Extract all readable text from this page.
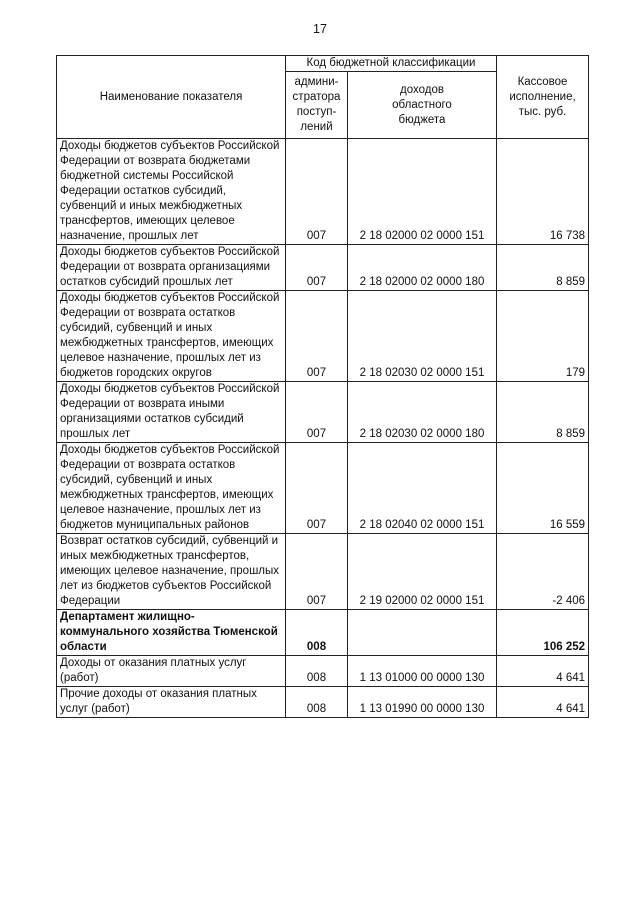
17
Наименование показателя	Код бюджетной классификации		Кассовое
исполнение,
тыс. руб.
	админи-
стратора
поступ-
лений	доходов
областного
бюджета	
Доходы бюджетов субъектов Российской Федерации от возврата бюджетами бюджетной системы Российской Федерации остатков субсидий, субвенций и иных межбюджетных трансфертов, имеющих целевое назначение, прошлых лет	007	2 18 02000 02 0000 151	16 738
Доходы бюджетов субъектов Российской Федерации от возврата организациями остатков субсидий прошлых лет	007	2 18 02000 02 0000 180	8 859
Доходы бюджетов субъектов Российской Федерации от возврата остатков субсидий, субвенций и иных межбюджетных трансфертов, имеющих целевое назначение, прошлых лет из бюджетов городских округов	007	2 18 02030 02 0000 151	179
Доходы бюджетов субъектов Российской Федерации от возврата иными организациями остатков субсидий прошлых лет	007	2 18 02030 02 0000 180	8 859
Доходы бюджетов субъектов Российской Федерации от возврата остатков субсидий, субвенций и иных межбюджетных трансфертов, имеющих целевое назначение, прошлых лет из бюджетов муниципальных районов	007	2 18 02040 02 0000 151	16 559
Возврат остатков субсидий, субвенций и иных межбюджетных трансфертов, имеющих целевое назначение, прошлых лет из бюджетов субъектов Российской Федерации	007	2 19 02000 02 0000 151	-2 406
Департамент жилищно-коммунального хозяйства Тюменской области	008		106 252
Доходы от оказания платных услуг (работ)	008	1 13 01000 00 0000 130	4 641
Прочие доходы от оказания платных услуг (работ)	008	1 13 01990 00 0000 130	4 641
